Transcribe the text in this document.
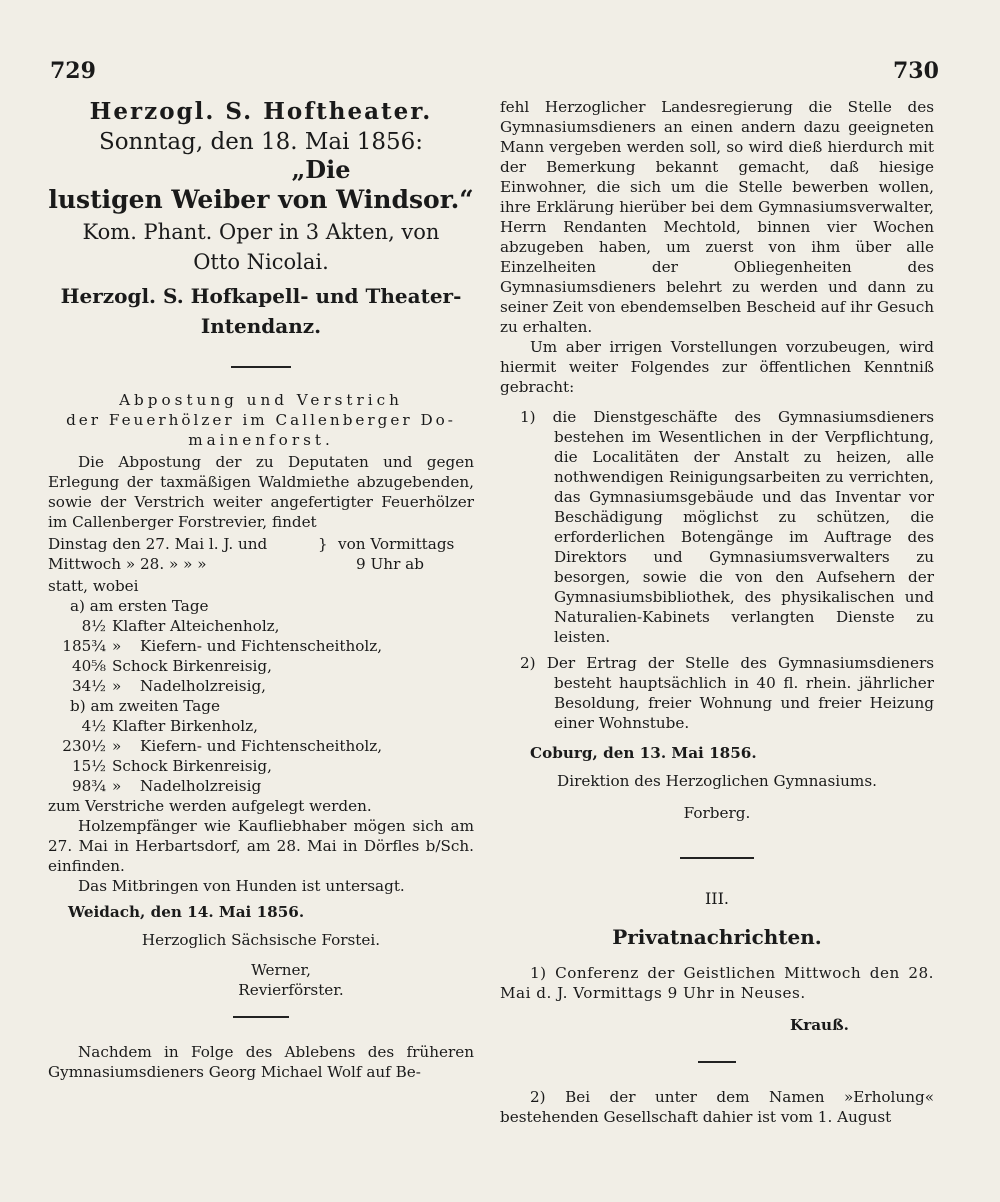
729	730
Herzogl. S. Hoftheater.
Sonntag, den 18. Mai 1856:
„Die
lustigen Weiber von Windsor.“
Kom. Phant. Oper in 3 Akten, von
Otto Nicolai.
Herzogl. S. Hofkapell- und Theater-
Intendanz.
Abpostung und Verstrich
der Feuerhölzer im Callenberger Do-
mainenforst.

Die Abpostung der zu Deputaten und gegen Erlegung der taxmäßigen Waldmiethe abzugebenden, sowie der Verstrich weiter angefertigter Feuerhölzer im Callenberger Forstrevier, findet

Dinstag den 27. Mai l. J. und	} von Vormittags
Mittwoch » 28. » » »	9 Uhr ab
statt, wobei
a) am ersten Tage
8½ Klafter Alteichenholz,
185¾ »	Kiefern- und Fichtenscheitholz,
40⅝ Schock Birkenreisig,
34½ »	Nadelholzreisig,
b) am zweiten Tage
4½ Klafter Birkenholz,
230½ »	Kiefern- und Fichtenscheitholz,
15½ Schock Birkenreisig,
98¾ »	Nadelholzreisig
zum Verstriche werden aufgelegt werden.

Holzempfänger wie Kaufliebhaber mögen sich am 27. Mai in Herbartsdorf, am 28. Mai in Dörfles b/Sch. einfinden.

Das Mitbringen von Hunden ist untersagt.

Weidach, den 14. Mai 1856.
Herzoglich Sächsische Forstei.
Werner,
Revierförster.

Nachdem in Folge des Ablebens des früheren Gymnasiumsdieners Georg Michael Wolf auf Be-

fehl Herzoglicher Landesregierung die Stelle des Gymnasiumsdieners an einen andern dazu geeigneten Mann vergeben werden soll, so wird dieß hierdurch mit der Bemerkung bekannt gemacht, daß hiesige Einwohner, die sich um die Stelle bewerben wollen, ihre Erklärung hierüber bei dem Gymnasiumsverwalter, Herrn Rendanten Mechtold, binnen vier Wochen abzugeben haben, um zuerst von ihm über alle Einzelheiten der Obliegenheiten des Gymnasiumsdieners belehrt zu werden und dann zu seiner Zeit von ebendemselben Bescheid auf ihr Gesuch zu erhalten.

Um aber irrigen Vorstellungen vorzubeugen, wird hiermit weiter Folgendes zur öffentlichen Kenntniß gebracht:

1) die Dienstgeschäfte des Gymnasiumsdieners bestehen im Wesentlichen in der Verpflichtung, die Localitäten der Anstalt zu heizen, alle nothwendigen Reinigungsarbeiten zu verrichten, das Gymnasiumsgebäude und das Inventar vor Beschädigung möglichst zu schützen, die erforderlichen Botengänge im Auftrage des Direktors und Gymnasiumsverwalters zu besorgen, sowie die von den Aufsehern der Gymnasiumsbibliothek, des physikalischen und Naturalien-Kabinets verlangten Dienste zu leisten.

2) Der Ertrag der Stelle des Gymnasiumsdieners besteht hauptsächlich in 40 fl. rhein. jährlicher Besoldung, freier Wohnung und freier Heizung einer Wohnstube.

Coburg, den 13. Mai 1856.
Direktion des Herzoglichen Gymnasiums.
Forberg.
III.
Privatnachrichten.

1) Conferenz der Geistlichen Mittwoch den 28. Mai d. J. Vormittags 9 Uhr in Neuses.

Krauß.

2) Bei der unter dem Namen »Erholung« bestehenden Gesellschaft dahier ist vom 1. August
